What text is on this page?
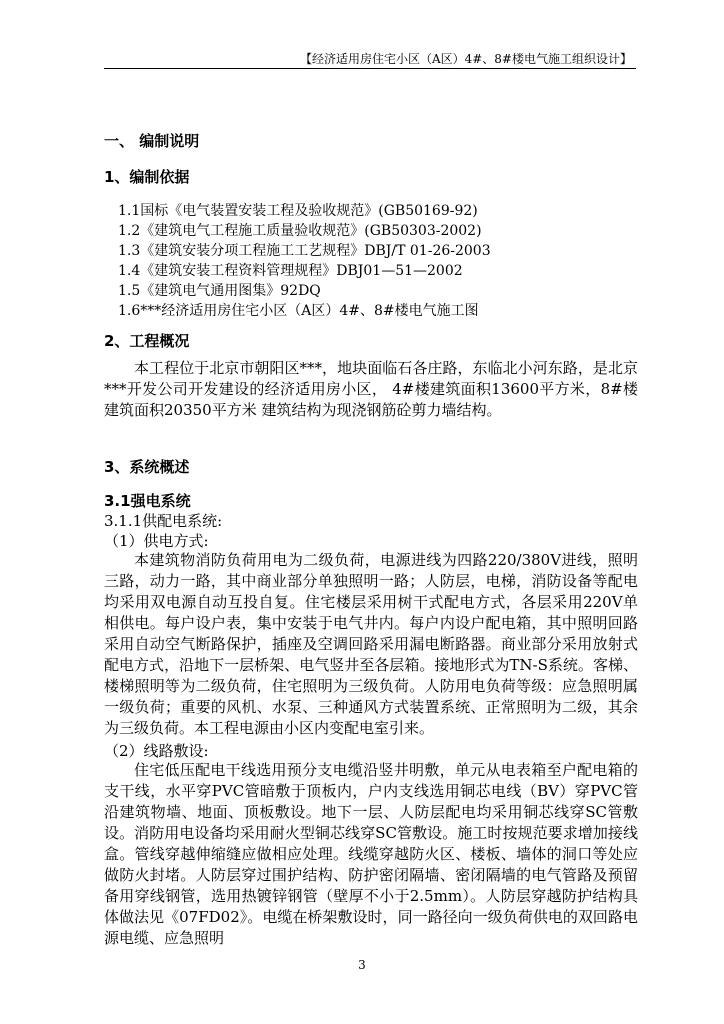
【经济适用房住宅小区（A区）4#、8#楼电气施工组织设计】
一、 编制说明
1、编制依据
1.1国标《电气装置安装工程及验收规范》(GB50169-92)
1.2《建筑电气工程施工质量验收规范》(GB50303-2002)
1.3《建筑安装分项工程施工工艺规程》DBJ/T 01-26-2003
1.4《建筑安装工程资料管理规程》DBJ01—51—2002
1.5《建筑电气通用图集》92DQ
1.6***经济适用房住宅小区（A区）4#、8#楼电气施工图
2、工程概况
本工程位于北京市朝阳区***，地块面临石各庄路，东临北小河东路，是北京***开发公司开发建设的经济适用房小区， 4#楼建筑面积13600平方米，8#楼建筑面积20350平方米 建筑结构为现浇钢筋砼剪力墙结构。
3、系统概述
3.1强电系统
3.1.1供配电系统:
（1）供电方式:
本建筑物消防负荷用电为二级负荷，电源进线为四路220/380V进线，照明三路，动力一路，其中商业部分单独照明一路；人防层，电梯，消防设备等配电均采用双电源自动互投自复。住宅楼层采用树干式配电方式，各层采用220V单相供电。每户设户表，集中安装于电气井内。每户内设户配电箱，其中照明回路采用自动空气断路保护，插座及空调回路采用漏电断路器。商业部分采用放射式配电方式，沿地下一层桥架、电气竖井至各层箱。接地形式为TN-S系统。客梯、楼梯照明等为二级负荷，住宅照明为三级负荷。人防用电负荷等级：应急照明属一级负荷；重要的风机、水泵、三种通风方式装置系统、正常照明为二级，其余为三级负荷。本工程电源由小区内变配电室引来。
（2）线路敷设:
住宅低压配电干线选用预分支电缆沿竖井明敷，单元从电表箱至户配电箱的支干线，水平穿PVC管暗敷于顶板内，户内支线选用铜芯电线（BV）穿PVC管沿建筑物墙、地面、顶板敷设。地下一层、人防层配电均采用铜芯线穿SC管敷设。消防用电设备均采用耐火型铜芯线穿SC管敷设。施工时按规范要求增加接线盒。管线穿越伸缩缝应做相应处理。线缆穿越防火区、楼板、墙体的洞口等处应做防火封堵。人防层穿过围护结构、防护密闭隔墙、密闭隔墙的电气管路及预留备用穿线钢管，选用热镀锌钢管（壁厚不小于2.5mm）。人防层穿越防护结构具体做法见《07FD02》。电缆在桥架敷设时，同一路径向一级负荷供电的双回路电源电缆、应急照明
3
